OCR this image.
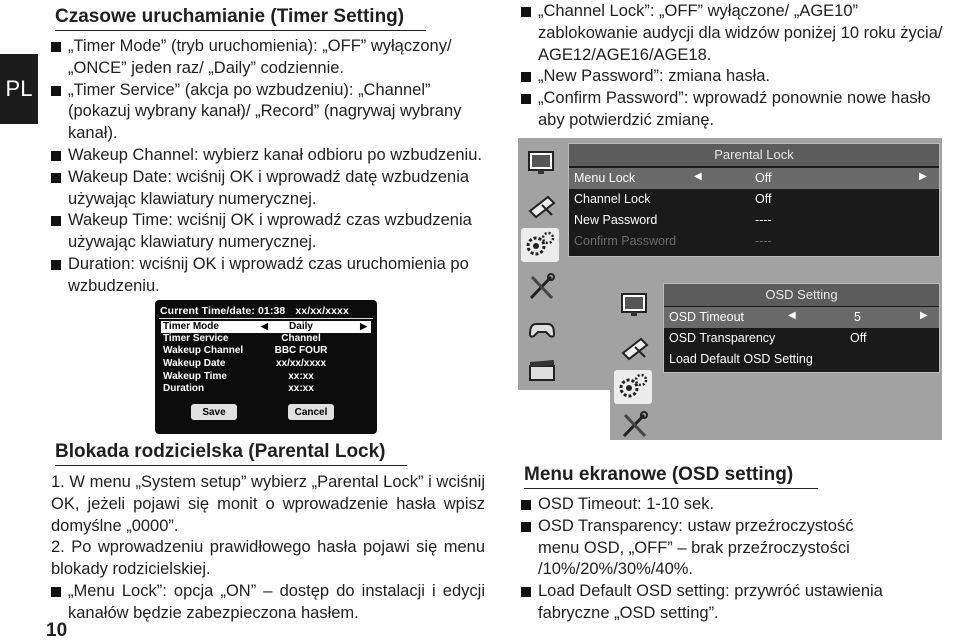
PL
10
Czasowe uruchamianie (Timer Setting)

„Timer Mode” (tryb uruchomienia): „OFF” wyłączony/ „ONCE” jeden raz/ „Daily” codziennie.

„Timer Service” (akcja po wzbudzeniu): „Channel” (pokazuj wybrany kanał)/ „Record” (nagrywaj wybrany kanał).

Wakeup Channel: wybierz kanał odbioru po wzbudzeniu.

Wakeup Date: wciśnij OK i wprowadź datę wzbudzenia używając klawiatury numerycznej.

Wakeup Time: wciśnij OK i wprowadź czas wzbudzenia używając klawiatury numerycznej.

Duration: wciśnij OK i wprowadź czas uruchomienia po wzbudzeniu.

Current Time/date: 01:38 xx/xx/xxxx
Timer Mode	◀ Daily	▶
Timer Service	Channel
Wakeup Channel	BBC FOUR
Wakeup Date	xx/xx/xxxx
Wakeup Time	xx:xx
Duration	xx:xx
Save	Cancel
Blokada rodzicielska (Parental Lock)

1. W menu „System setup” wybierz „Parental Lock” i wciśnij OK, jeżeli pojawi się monit o wprowadzenie hasła wpisz domyślne „0000”.

2. Po wprowadzeniu prawidłowego hasła pojawi się menu blokady rodzicielskiej.

„Menu Lock”: opcja „ON” – dostęp do instalacji i edycji kanałów będzie zabezpieczona hasłem.

„Channel Lock”: „OFF” wyłączone/ „AGE10” zablokowanie audycji dla widzów poniżej 10 roku życia/ AGE12/AGE16/AGE18.

„New Password”: zmiana hasła.

„Confirm Password”: wprowadź ponownie nowe hasło aby potwierdzić zmianę.

Parental Lock
Menu Lock	◀	Off	▶
Channel Lock	Off
New Password	----
Confirm Password	----
OSD Setting
OSD Timeout	◀	5	▶
OSD Transparency	Off
Load Default OSD Setting
Menu ekranowe (OSD setting)

OSD Timeout: 1-10 sek.

OSD Transparency: ustaw przeźroczystość menu OSD, „OFF” – brak przeźroczystości /10%/20%/30%/40%.

Load Default OSD setting: przywróć ustawienia fabryczne „OSD setting”.
